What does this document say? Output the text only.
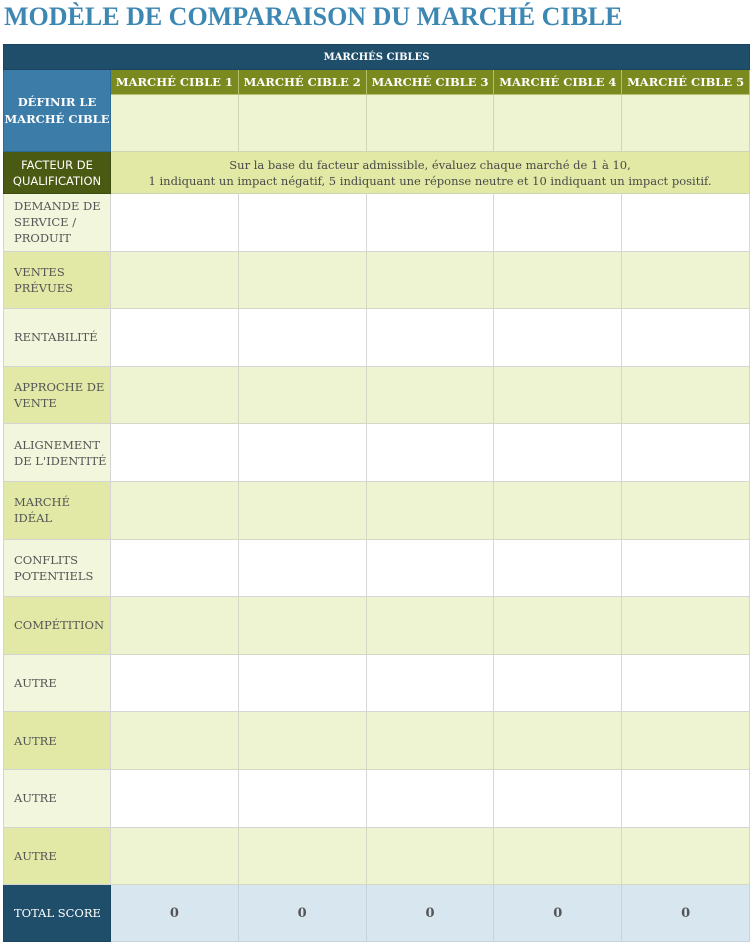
MODÈLE DE COMPARAISON DU MARCHÉ CIBLE
MARCHÉS CIBLES					
DÉFINIR LE MARCHÉ CIBLE	MARCHÉ CIBLE 1	MARCHÉ CIBLE 2	MARCHÉ CIBLE 3	MARCHÉ CIBLE 4	MARCHÉ CIBLE 5

FACTEUR DE QUALIFICATION	Sur la base du facteur admissible, évaluez chaque marché de 1 à 10,
1 indiquant un impact négatif, 5 indiquant une réponse neutre et 10 indiquant un impact positif.				
DEMANDE DE SERVICE / PRODUIT					
VENTES PRÉVUES					
RENTABILITÉ					
APPROCHE DE VENTE					
ALIGNEMENT DE L'IDENTITÉ					
MARCHÉ IDÉAL					
CONFLITS POTENTIELS					
COMPÉTITION					
AUTRE					
AUTRE					
AUTRE					
AUTRE					
TOTAL SCORE	0	0	0	0	0
